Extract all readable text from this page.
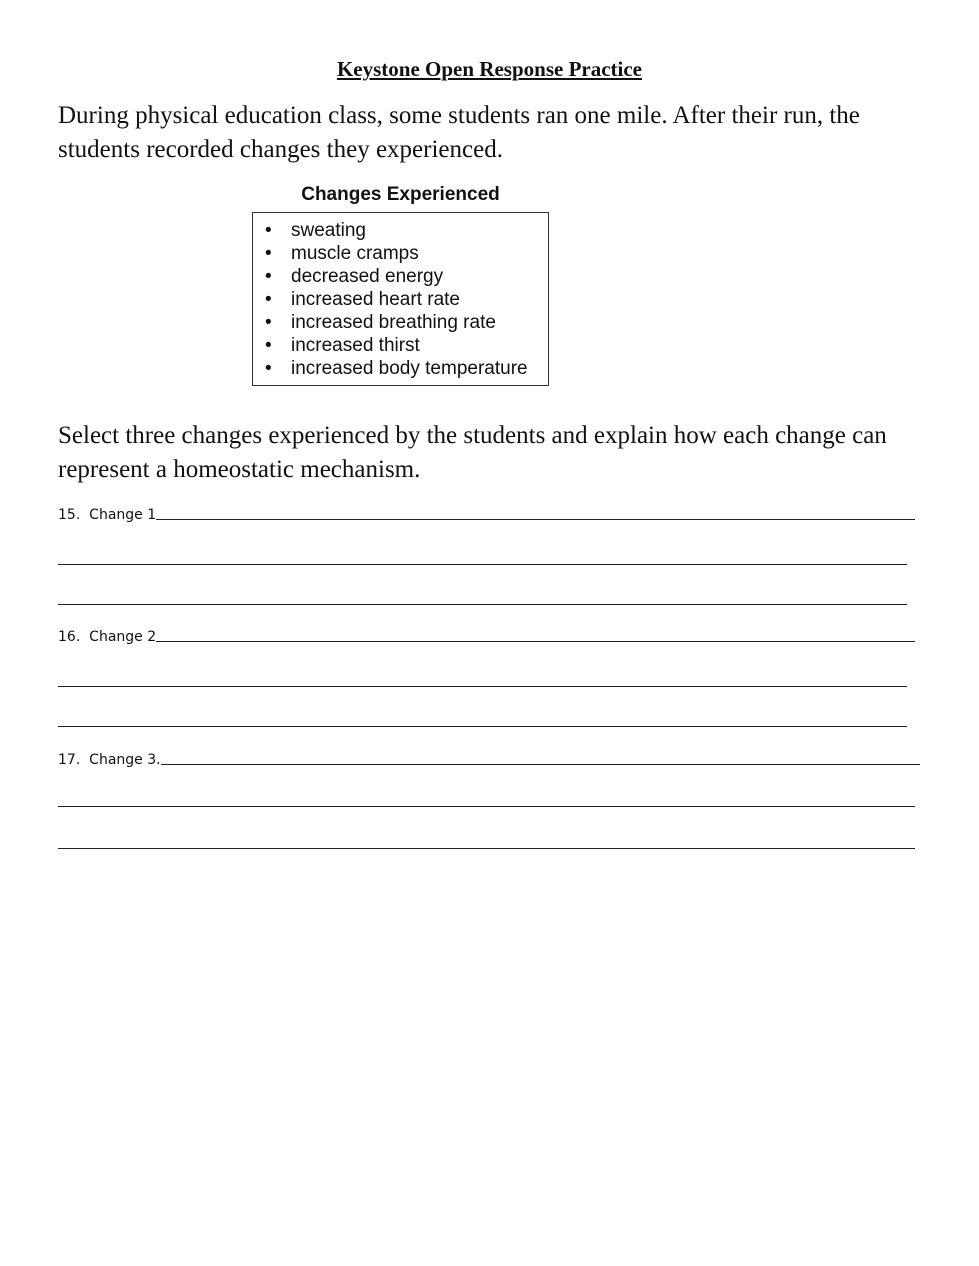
Keystone Open Response Practice
During physical education class, some students ran one mile. After their run, the students recorded changes they experienced.
Changes Experienced
• sweating
• muscle cramps
• decreased energy
• increased heart rate
• increased breathing rate
• increased thirst
• increased body temperature
Select three changes experienced by the students and explain how each change can represent a homeostatic mechanism.
15.
Change 1
16.
Change 2
17.
Change 3.
